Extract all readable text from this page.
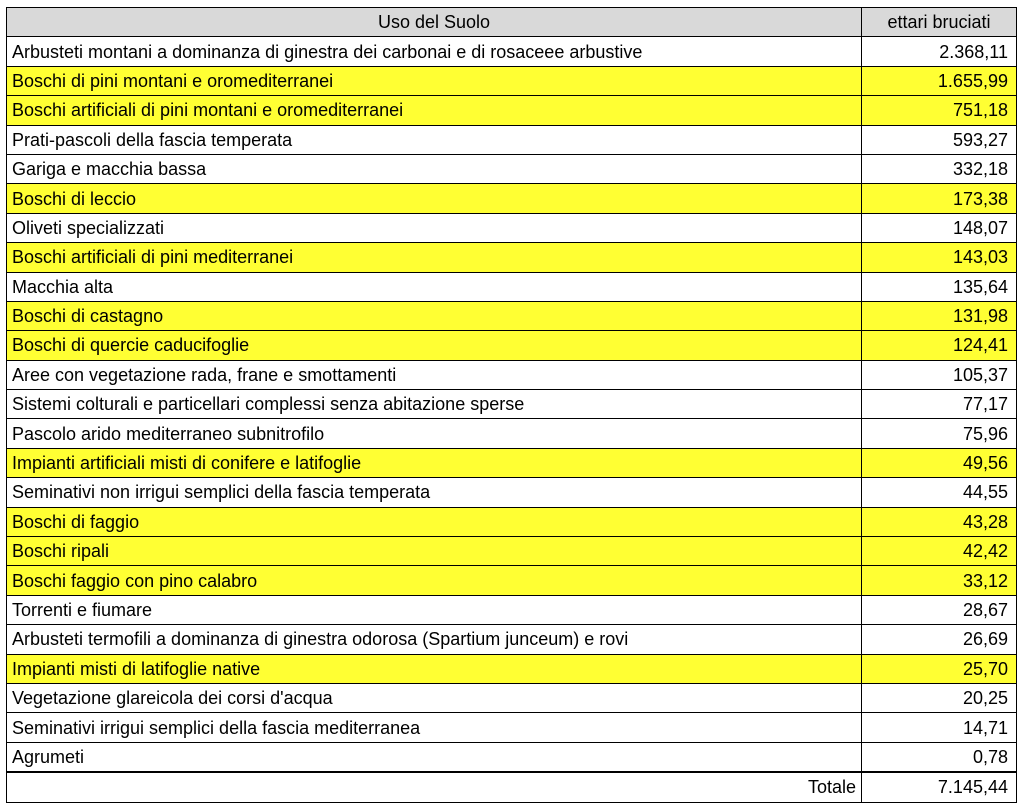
Uso del Suolo	ettari bruciati
Arbusteti montani a dominanza di ginestra dei carbonai e di rosaceee arbustive	2.368,11
Boschi di pini montani e oromediterranei	1.655,99
Boschi artificiali di pini montani e oromediterranei	751,18
Prati-pascoli della fascia temperata	593,27
Gariga e macchia bassa	332,18
Boschi di leccio	173,38
Oliveti specializzati	148,07
Boschi artificiali di pini mediterranei	143,03
Macchia alta	135,64
Boschi di castagno	131,98
Boschi di quercie caducifoglie	124,41
Aree con vegetazione rada, frane e smottamenti	105,37
Sistemi colturali e particellari complessi senza abitazione sperse	77,17
Pascolo arido mediterraneo subnitrofilo	75,96
Impianti artificiali misti di conifere e latifoglie	49,56
Seminativi non irrigui semplici della fascia temperata	44,55
Boschi di faggio	43,28
Boschi ripali	42,42
Boschi faggio con pino calabro	33,12
Torrenti e fiumare	28,67
Arbusteti termofili a dominanza di ginestra odorosa (Spartium junceum) e rovi	26,69
Impianti misti di latifoglie native	25,70
Vegetazione glareicola dei corsi d'acqua	20,25
Seminativi irrigui semplici della fascia mediterranea	14,71
Agrumeti	0,78
Totale	7.145,44
